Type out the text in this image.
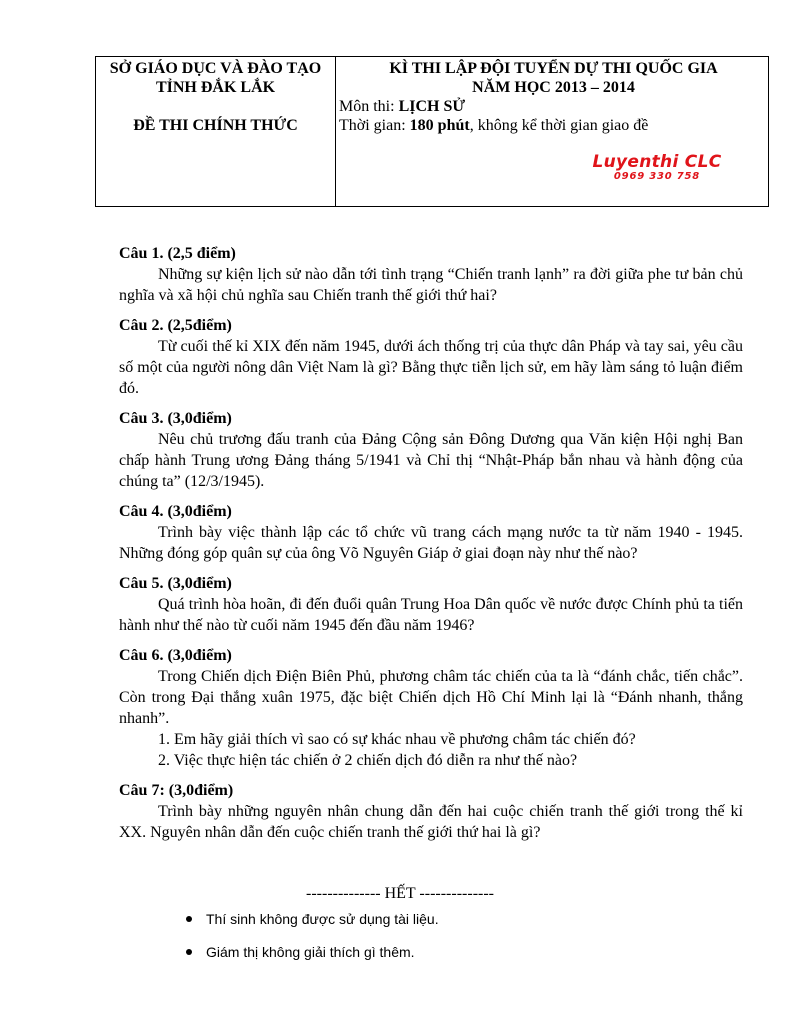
SỞ GIÁO DỤC VÀ ĐÀO TẠO
TỈNH ĐẮK LẮK
ĐỀ THI CHÍNH THỨC
KÌ THI LẬP ĐỘI TUYỂN DỰ THI QUỐC GIA
NĂM HỌC 2013 – 2014
Môn thi: LỊCH SỬ
Thời gian: 180 phút, không kể thời gian giao đề
Luyenthi CLC
0969 330 758
Câu 1. (2,5 điểm)
Những sự kiện lịch sử nào dẫn tới tình trạng “Chiến tranh lạnh” ra đời giữa phe tư bản chủ nghĩa và xã hội chủ nghĩa sau Chiến tranh thế giới thứ hai?
Câu 2. (2,5điểm)
Từ cuối thế kỉ XIX đến năm 1945, dưới ách thống trị của thực dân Pháp và tay sai, yêu cầu số một của người nông dân Việt Nam là gì? Bằng thực tiễn lịch sử, em hãy làm sáng tỏ luận điểm đó.
Câu 3. (3,0điểm)
Nêu chủ trương đấu tranh của Đảng Cộng sản Đông Dương qua Văn kiện Hội nghị Ban chấp hành Trung ương Đảng tháng 5/1941 và Chỉ thị “Nhật-Pháp bắn nhau và hành động của chúng ta” (12/3/1945).
Câu 4. (3,0điểm)
Trình bày việc thành lập các tổ chức vũ trang cách mạng nước ta từ năm 1940 - 1945. Những đóng góp quân sự của ông Võ Nguyên Giáp ở giai đoạn này như thế nào?
Câu 5. (3,0điểm)
Quá trình hòa hoãn, đi đến đuổi quân Trung Hoa Dân quốc về nước được Chính phủ ta tiến hành như thế nào từ cuối năm 1945 đến đầu năm 1946?
Câu 6. (3,0điểm)
Trong Chiến dịch Điện Biên Phủ, phương châm tác chiến của ta là “đánh chắc, tiến chắc”. Còn trong Đại thắng xuân 1975, đặc biệt Chiến dịch Hồ Chí Minh lại là “Đánh nhanh, thắng nhanh”.
1. Em hãy giải thích vì sao có sự khác nhau về phương châm tác chiến đó?
2. Việc thực hiện tác chiến ở 2 chiến dịch đó diễn ra như thế nào?
Câu 7: (3,0điểm)
Trình bày những nguyên nhân chung dẫn đến hai cuộc chiến tranh thế giới trong thế kỉ XX. Nguyên nhân dẫn đến cuộc chiến tranh thế giới thứ hai là gì?
-------------- HẾT --------------
Thí sinh không được sử dụng tài liệu.
Giám thị không giải thích gì thêm.
